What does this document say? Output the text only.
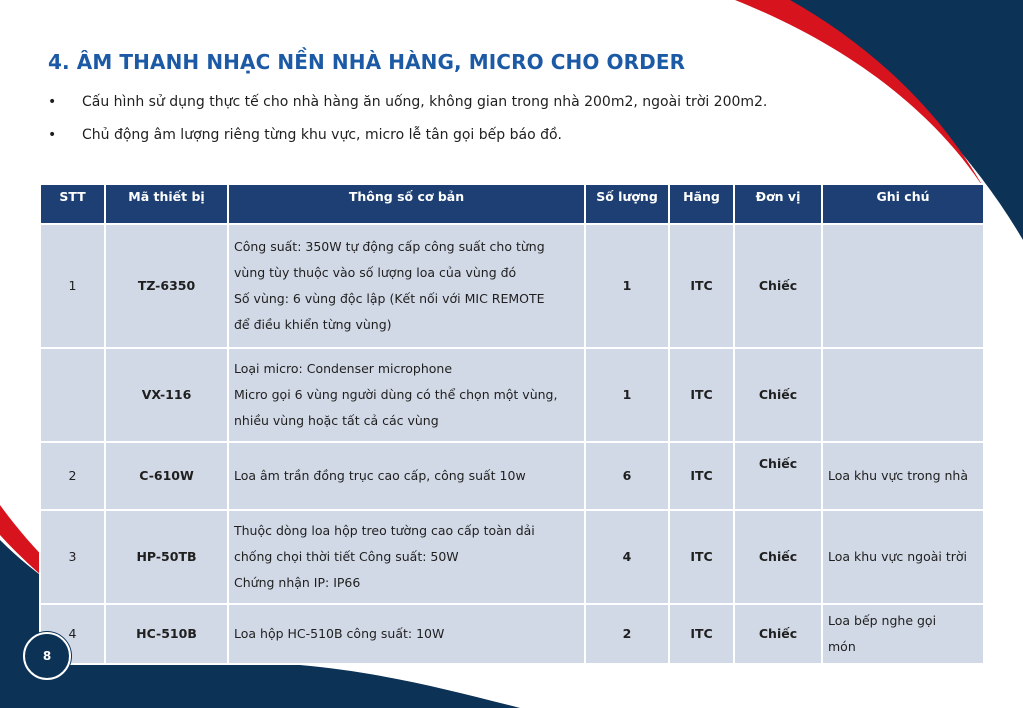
4. ÂM THANH NHẠC NỀN NHÀ HÀNG, MICRO CHO ORDER
• Cấu hình sử dụng thực tế cho nhà hàng ăn uống, không gian trong nhà 200m2, ngoài trời 200m2.
• Chủ động âm lượng riêng từng khu vực, micro lễ tân gọi bếp báo đồ.
STT	Mã thiết bị	Thông số cơ bản	Số lượng	Hãng	Đơn vị	Ghi chú
1	TZ-6350	Công suất: 350W tự động cấp công suất cho từng
vùng tùy thuộc vào số lượng loa của vùng đó
Số vùng: 6 vùng độc lập (Kết nối với MIC REMOTE
để điều khiển từng vùng)	1	ITC	Chiếc	
	VX-116	Loại micro: Condenser microphone
Micro gọi 6 vùng người dùng có thể chọn một vùng,
nhiều vùng hoặc tất cả các vùng	1	ITC	Chiếc	
2	C-610W	Loa âm trần đồng trục cao cấp, công suất 10w	6	ITC	Chiếc	Loa khu vực trong nhà

3	HP-50TB	Thuộc dòng loa hộp treo tường cao cấp toàn dải
chống chọi thời tiết Công suất: 50W
Chứng nhận IP: IP66	4	ITC	Chiếc	Loa khu vực ngoài trời

4	HC-510B	Loa hộp HC-510B công suất: 10W	2	ITC	Chiếc	Loa bếp nghe gọi
món
8
